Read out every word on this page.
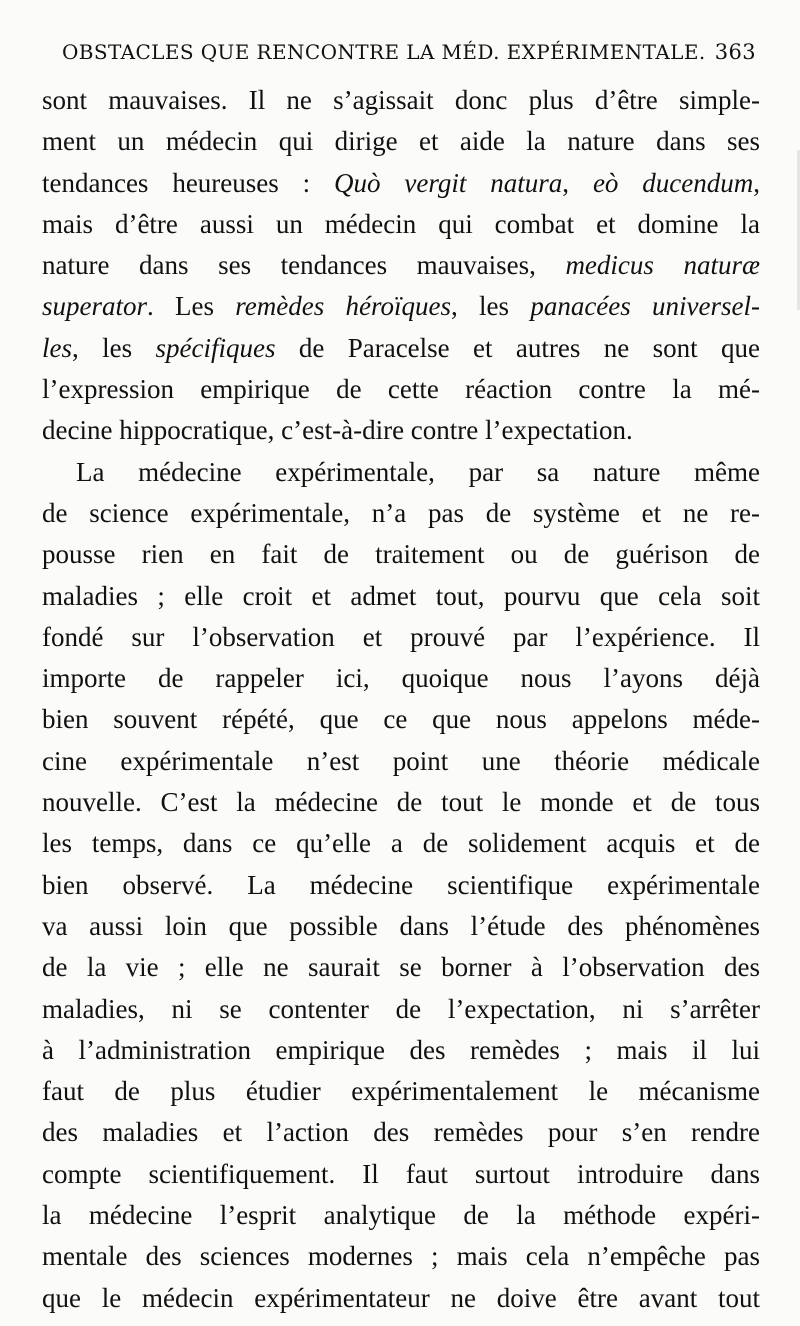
OBSTACLES QUE RENCONTRE LA MÉD. EXPÉRIMENTALE. 363
sont mauvaises. Il ne s’agissait donc plus d’être simple-
ment un médecin qui dirige et aide la nature dans ses
tendances heureuses : Quò vergit natura, eò ducendum,
mais d’être aussi un médecin qui combat et domine la
nature dans ses tendances mauvaises, medicus naturæ
superator. Les remèdes héroïques, les panacées universel-
les, les spécifiques de Paracelse et autres ne sont que
l’expression empirique de cette réaction contre la mé-
decine hippocratique, c’est-à-dire contre l’expectation.
La médecine expérimentale, par sa nature même
de science expérimentale, n’a pas de système et ne re-
pousse rien en fait de traitement ou de guérison de
maladies ; elle croit et admet tout, pourvu que cela soit
fondé sur l’observation et prouvé par l’expérience. Il
importe de rappeler ici, quoique nous l’ayons déjà
bien souvent répété, que ce que nous appelons méde-
cine expérimentale n’est point une théorie médicale
nouvelle. C’est la médecine de tout le monde et de tous
les temps, dans ce qu’elle a de solidement acquis et de
bien observé. La médecine scientifique expérimentale
va aussi loin que possible dans l’étude des phénomènes
de la vie ; elle ne saurait se borner à l’observation des
maladies, ni se contenter de l’expectation, ni s’arrêter
à l’administration empirique des remèdes ; mais il lui
faut de plus étudier expérimentalement le mécanisme
des maladies et l’action des remèdes pour s’en rendre
compte scientifiquement. Il faut surtout introduire dans
la médecine l’esprit analytique de la méthode expéri-
mentale des sciences modernes ; mais cela n’empêche pas
que le médecin expérimentateur ne doive être avant tout
